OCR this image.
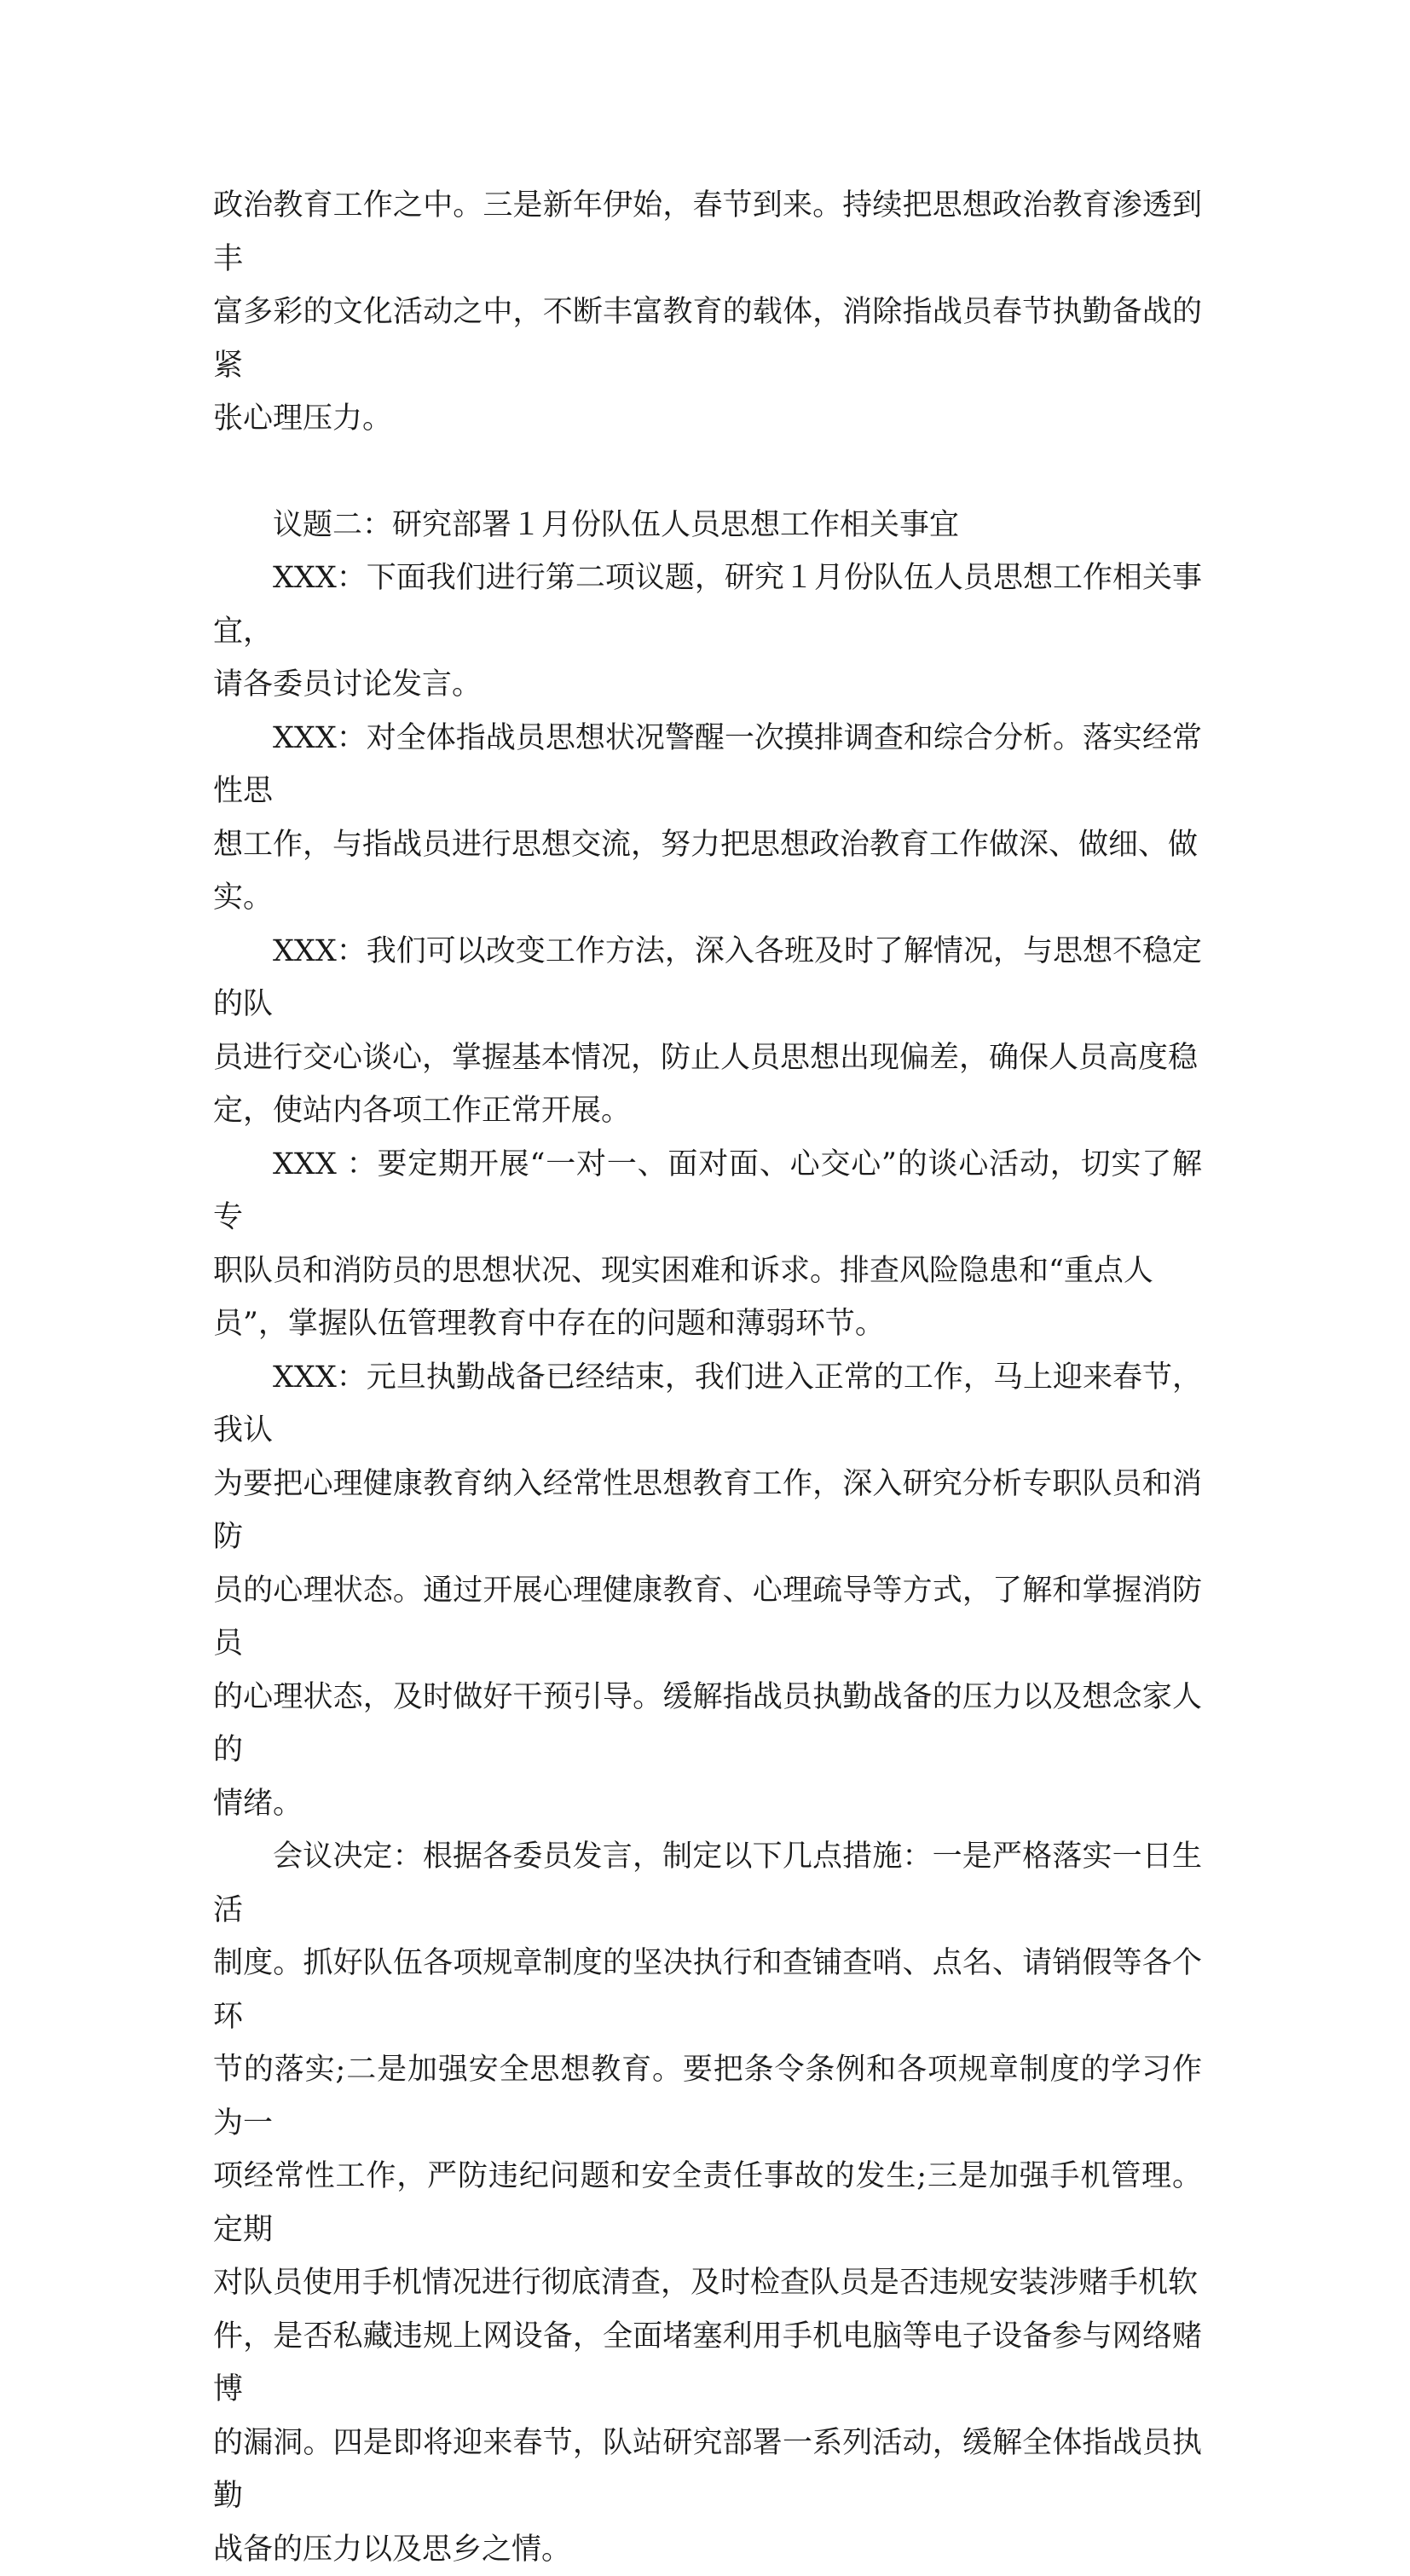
政治教育工作之中。三是新年伊始，春节到来。持续把思想政治教育渗透到丰
富多彩的文化活动之中，不断丰富教育的载体，消除指战员春节执勤备战的紧
张心理压力。
议题二：研究部署１月份队伍人员思想工作相关事宜
XXX：下面我们进行第二项议题，研究１月份队伍人员思想工作相关事宜，
请各委员讨论发言。
XXX：对全体指战员思想状况警醒一次摸排调查和综合分析。落实经常性思
想工作，与指战员进行思想交流，努力把思想政治教育工作做深、做细、做
实。
XXX：我们可以改变工作方法，深入各班及时了解情况，与思想不稳定的队
员进行交心谈心，掌握基本情况，防止人员思想出现偏差，确保人员高度稳
定，使站内各项工作正常开展。
XXX ：要定期开展“一对一、面对面、心交心”的谈心活动，切实了解专
职队员和消防员的思想状况、现实困难和诉求。排查风险隐患和“重点人
员”，掌握队伍管理教育中存在的问题和薄弱环节。
XXX：元旦执勤战备已经结束，我们进入正常的工作，马上迎来春节，我认
为要把心理健康教育纳入经常性思想教育工作，深入研究分析专职队员和消防
员的心理状态。通过开展心理健康教育、心理疏导等方式，了解和掌握消防员
的心理状态，及时做好干预引导。缓解指战员执勤战备的压力以及想念家人的
情绪。
会议决定：根据各委员发言，制定以下几点措施：一是严格落实一日生活
制度。抓好队伍各项规章制度的坚决执行和查铺查哨、点名、请销假等各个环
节的落实;二是加强安全思想教育。要把条令条例和各项规章制度的学习作为一
项经常性工作，严防违纪问题和安全责任事故的发生;三是加强手机管理。定期
对队员使用手机情况进行彻底清查，及时检查队员是否违规安装涉赌手机软
件，是否私藏违规上网设备，全面堵塞利用手机电脑等电子设备参与网络赌博
的漏洞。四是即将迎来春节，队站研究部署一系列活动，缓解全体指战员执勤
战备的压力以及思乡之情。
